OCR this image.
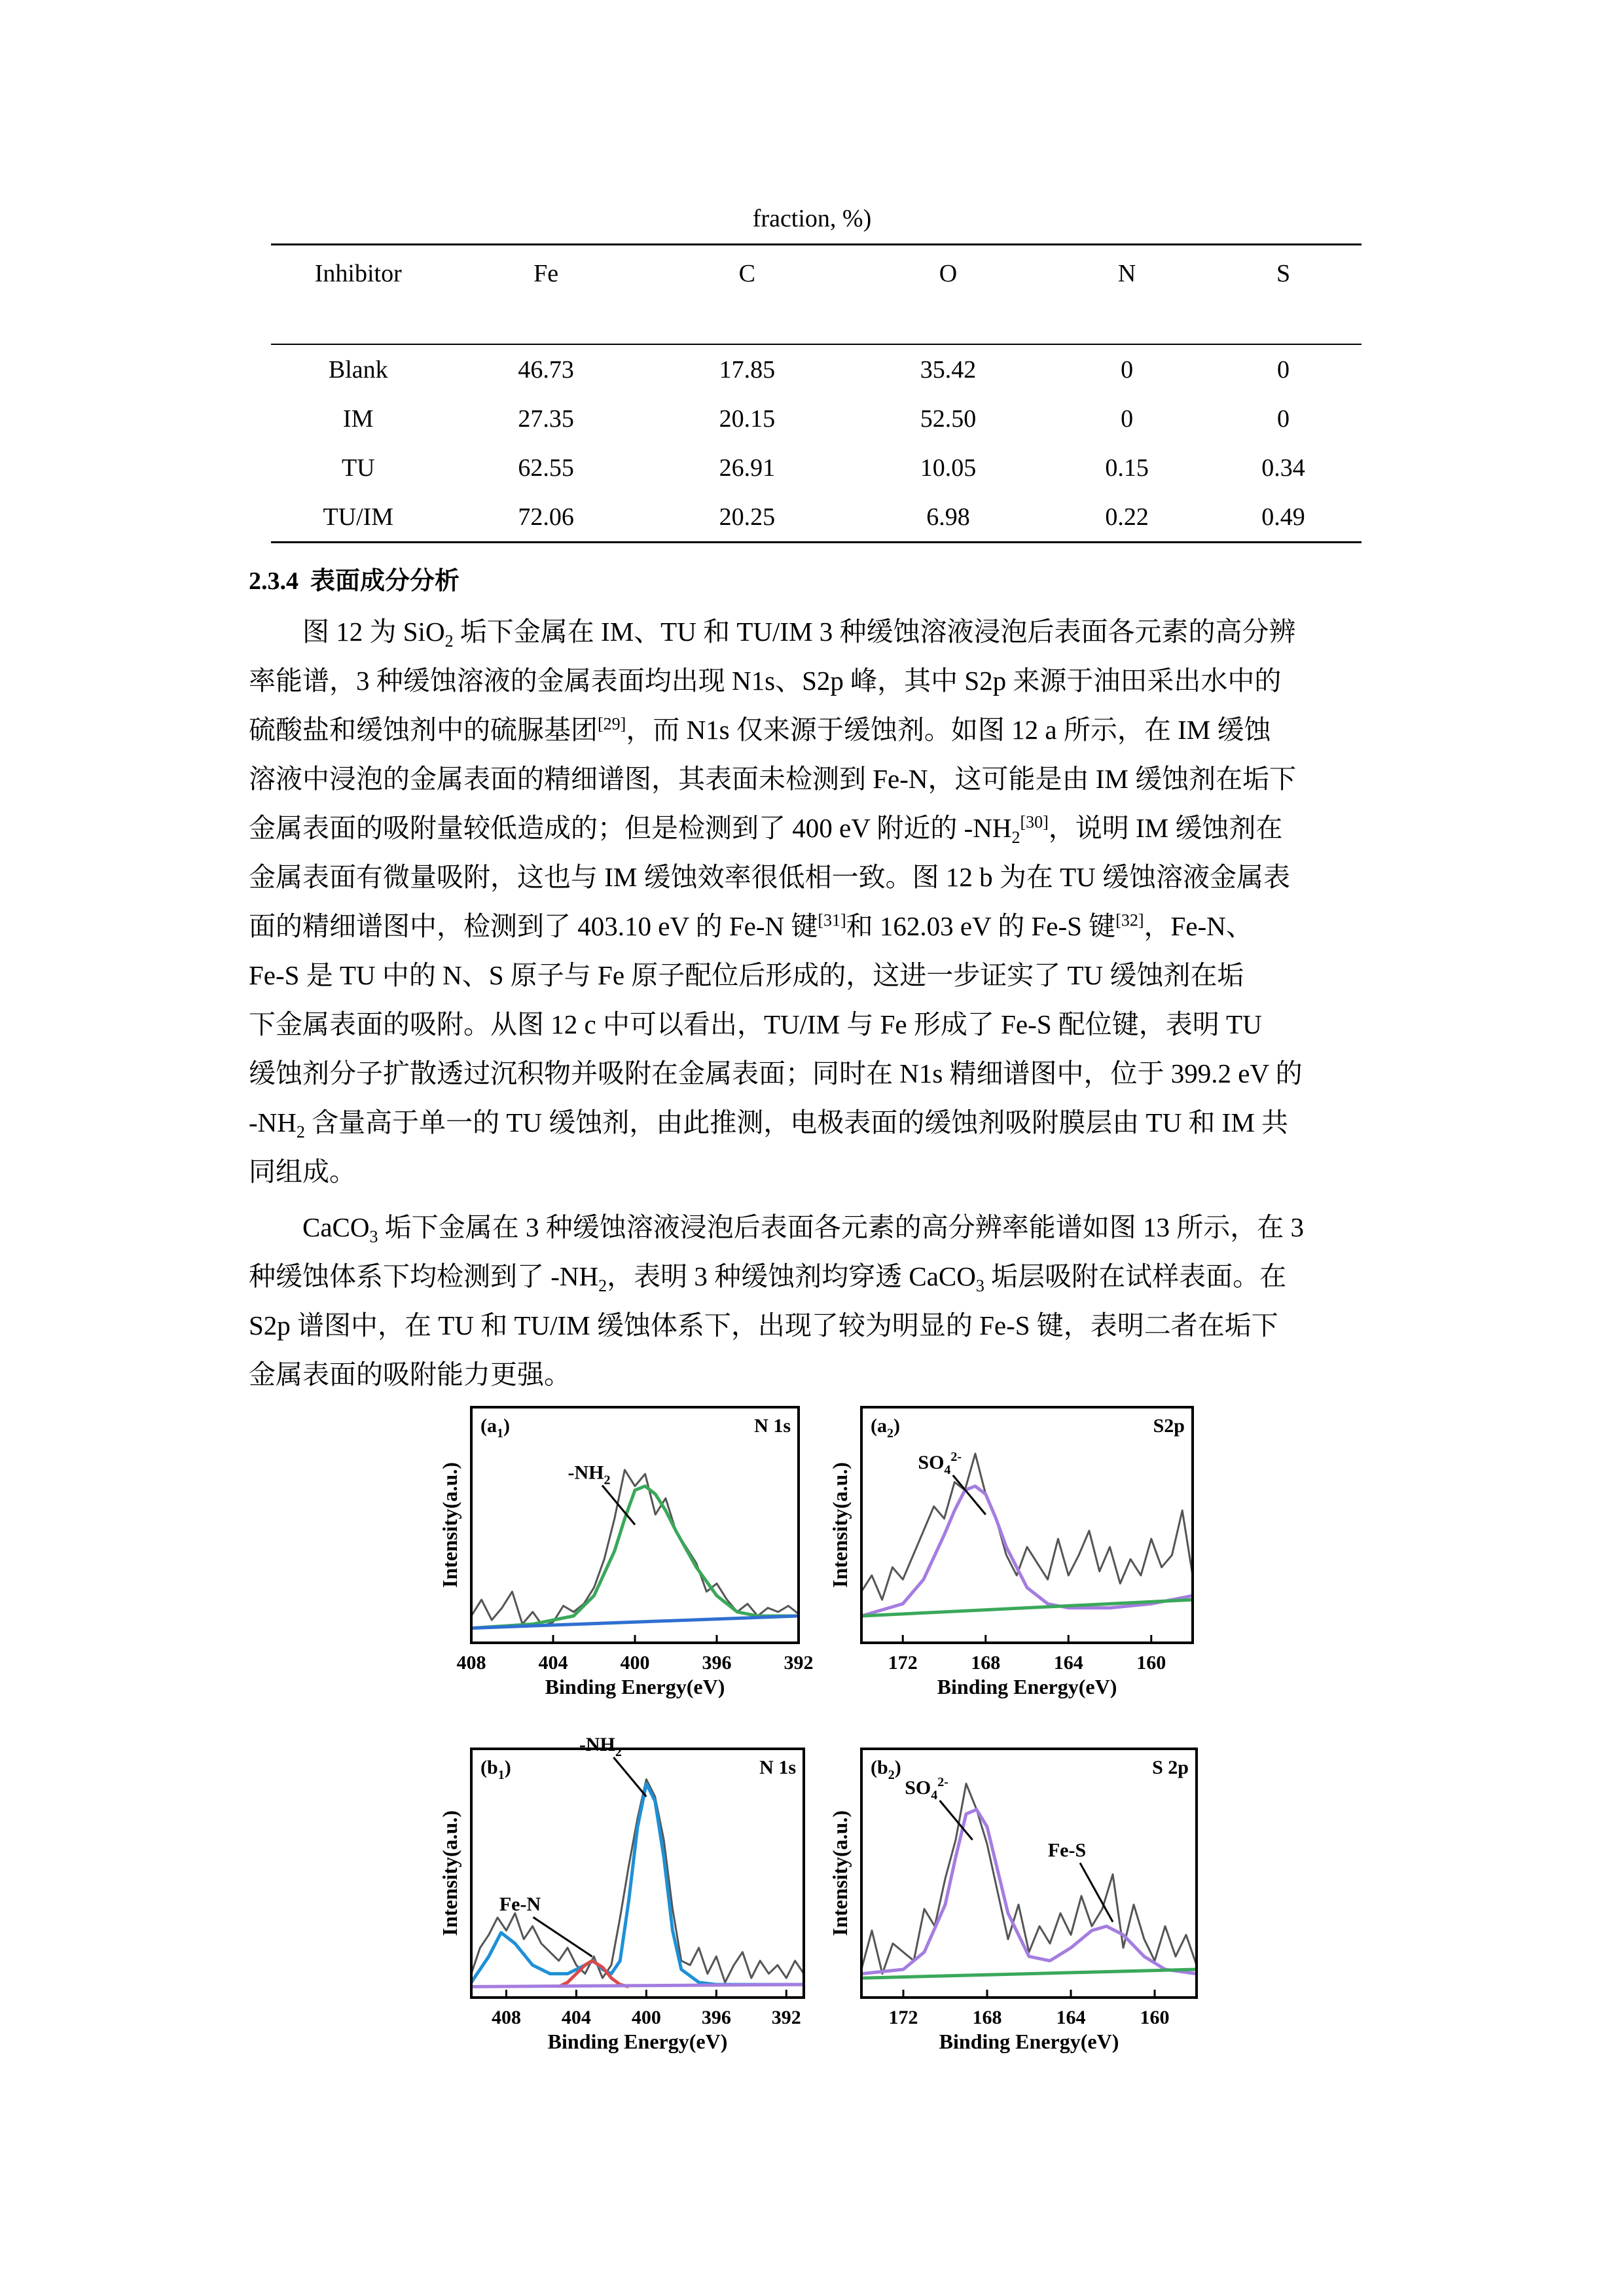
fraction, %)
Inhibitor	Fe	C	O	N	S

Blank	46.73	17.85	35.42	0	0
IM	27.35	20.15	52.50	0	0
TU	62.55	26.91	10.05	0.15	0.34
TU/IM	72.06	20.25	6.98	0.22	0.49
2.3.4 表面成分分析
图 12 为 SiO$_2$ 垢下金属在 IM、TU 和 TU/IM 3 种缓蚀溶液浸泡后表面各元素的高分辨
率能谱，3 种缓蚀溶液的金属表面均出现 N1s、S2p 峰，其中 S2p 来源于油田采出水中的
硫酸盐和缓蚀剂中的硫脲基团[29]，而 N1s 仅来源于缓蚀剂。如图 12 a 所示，在 IM 缓蚀
溶液中浸泡的金属表面的精细谱图，其表面未检测到 Fe-N，这可能是由 IM 缓蚀剂在垢下
金属表面的吸附量较低造成的；但是检测到了 400 eV 附近的 $-NH_2[30]$，说明 IM 缓蚀剂在
金属表面有微量吸附，这也与 IM 缓蚀效率很低相一致。图 12 b 为在 TU 缓蚀溶液金属表
面的精细谱图中，检测到了 403.10 eV 的 Fe-N 键[31]和 162.03 eV 的 Fe-S 键[32]，Fe-N、
Fe-S 是 TU 中的 N、S 原子与 Fe 原子配位后形成的，这进一步证实了 TU 缓蚀剂在垢
下金属表面的吸附。从图 12 c 中可以看出，TU/IM 与 Fe 形成了 Fe-S 配位键，表明 TU
缓蚀剂分子扩散透过沉积物并吸附在金属表面；同时在 N1s 精细谱图中，位于 399.2 eV 的
$-NH_2$ 含量高于单一的 TU 缓蚀剂，由此推测，电极表面的缓蚀剂吸附膜层由 TU 和 IM 共
同组成。
CaCO$_3$ 垢下金属在 3 种缓蚀溶液浸泡后表面各元素的高分辨率能谱如图 13 所示，在 3
种缓蚀体系下均检测到了 $-NH_2$，表明 3 种缓蚀剂均穿透 CaCO$_3$ 垢层吸附在试样表面。在
S2p 谱图中，在 TU 和 TU/IM 缓蚀体系下，出现了较为明显的 Fe-S 键，表明二者在垢下
金属表面的吸附能力更强。
408	404	400	396	392
Binding Energy(eV)
Intensity(a.u.)
$(a_1)$	N 1s
$-NH_2$
172	168	164	160
Binding Energy(eV)
Intensity(a.u.)
$(a_2)$	S2p
$SO_4^{2-}$
408 404 400 396 392
Binding Energy(eV)
Intensity(a.u.)
$(b_1)$	N 1s
$-NH_2$
Fe-N
172	168	164	160
Binding Energy(eV)
Intensity(a.u.)
$(b_2)$	S 2p
$SO_4^{2-}$
Fe-S
